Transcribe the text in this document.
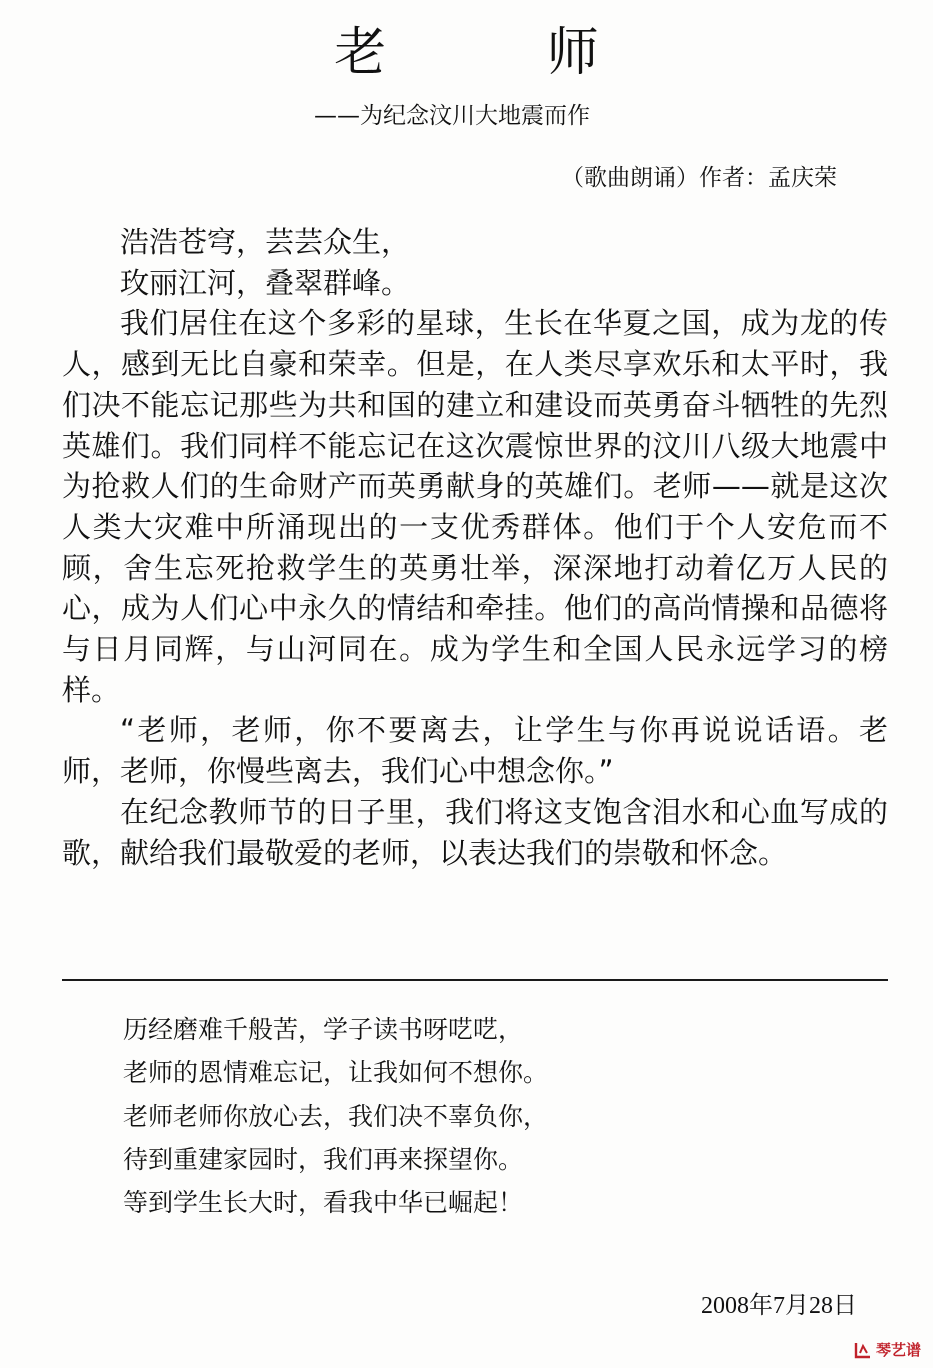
老 师
——为纪念汶川大地震而作
（歌曲朗诵）作者：孟庆荣

浩浩苍穹，芸芸众生，

玫丽江河，叠翠群峰。

我们居住在这个多彩的星球，生长在华夏之国，成为龙的传人，感到无比自豪和荣幸。但是，在人类尽享欢乐和太平时，我们决不能忘记那些为共和国的建立和建设而英勇奋斗牺牲的先烈英雄们。我们同样不能忘记在这次震惊世界的汶川八级大地震中为抢救人们的生命财产而英勇献身的英雄们。老师——就是这次人类大灾难中所涌现出的一支优秀群体。他们于个人安危而不顾，舍生忘死抢救学生的英勇壮举，深深地打动着亿万人民的心，成为人们心中永久的情结和牵挂。他们的高尚情操和品德将与日月同辉，与山河同在。成为学生和全国人民永远学习的榜样。

“老师，老师，你不要离去，让学生与你再说说话语。老师，老师，你慢些离去，我们心中想念你。”

在纪念教师节的日子里，我们将这支饱含泪水和心血写成的歌，献给我们最敬爱的老师，以表达我们的崇敬和怀念。

历经磨难千般苦，学子读书呀呓呓，

老师的恩情难忘记，让我如何不想你。

老师老师你放心去，我们决不辜负你，

待到重建家园时，我们再来探望你。

等到学生长大时，看我中华已崛起！

2008年7月28日
琴艺谱
